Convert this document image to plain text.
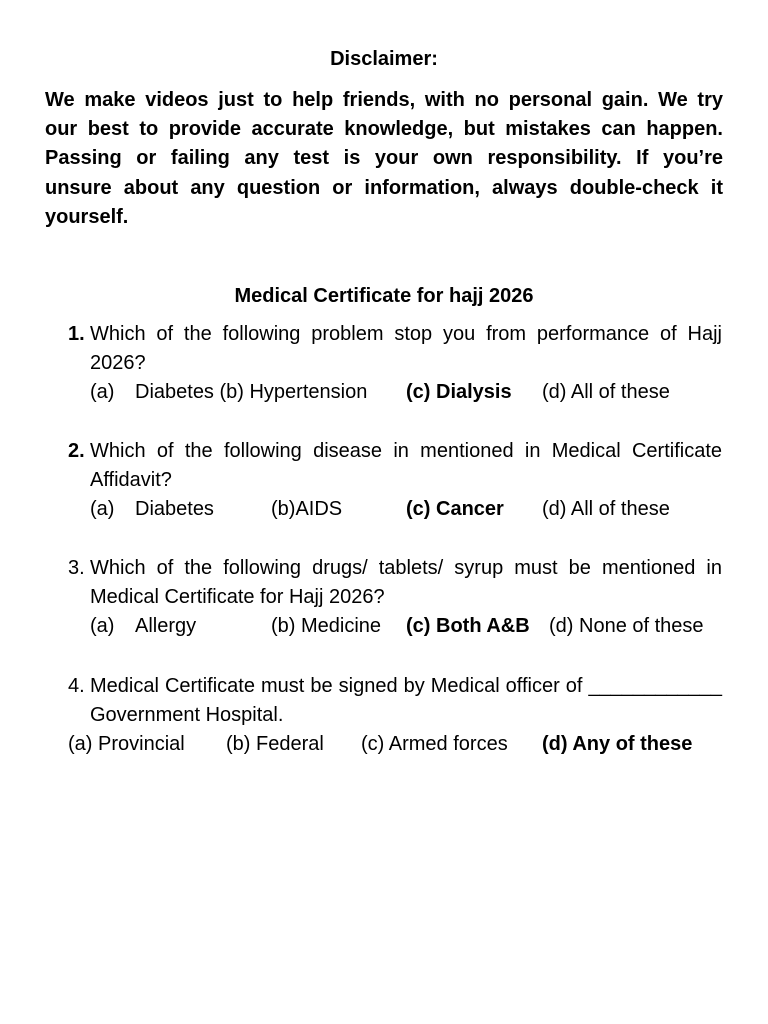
Disclaimer:
We make videos just to help friends, with no personal gain. We try
our best to provide accurate knowledge, but mistakes can happen.
Passing or failing any test is your own responsibility. If you’re
unsure about any question or information, always double-check it
yourself.
Medical Certificate for hajj 2026
1. Which of the following problem stop you from performance of Hajj 2026?
(a) Diabetes (b) Hypertension (c) Dialysis (d) All of these
2. Which of the following disease in mentioned in Medical Certificate Affidavit?
(a) Diabetes	(b)AIDS	(c) Cancer (d) All of these
3. Which of the following drugs/ tablets/ syrup must be mentioned in Medical Certificate for Hajj 2026?
(a) Allergy	(b) Medicine (c) Both A&B (d) None of these
4. Medical Certificate must be signed by Medical officer of ____________ Government Hospital.
(a) Provincial (b) Federal (c) Armed forces (d) Any of these
